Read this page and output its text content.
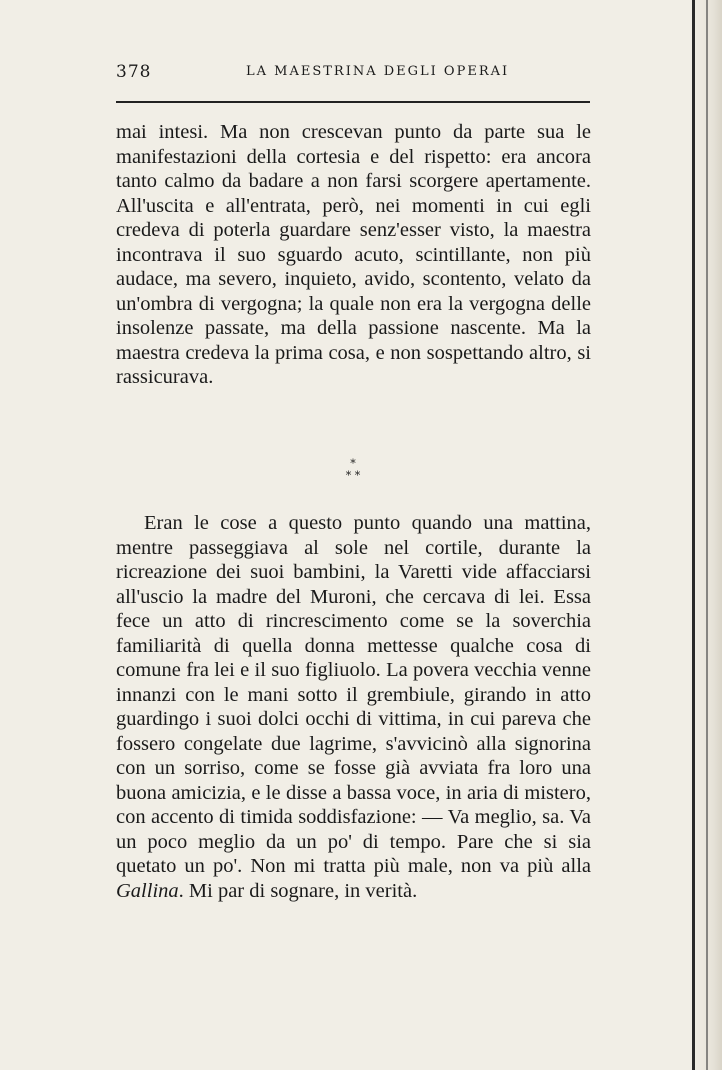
378	LA MAESTRINA DEGLI OPERAI

mai intesi. Ma non crescevan punto da parte sua le manifestazioni della cortesia e del rispetto: era ancora tanto calmo da badare a non farsi scorgere apertamente. All'uscita e all'entrata, però, nei momenti in cui egli credeva di poterla guardare senz'esser visto, la maestra incontrava il suo sguardo acuto, scintillante, non più audace, ma severo, inquieto, avido, scontento, velato da un'ombra di vergogna; la quale non era la vergogna delle insolenze passate, ma della passione nascente. Ma la maestra credeva la prima cosa, e non sospettando altro, si rassicurava.

*
* *

Eran le cose a questo punto quando una mattina, mentre passeggiava al sole nel cortile, durante la ricreazione dei suoi bambini, la Varetti vide affacciarsi all'uscio la madre del Muroni, che cercava di lei. Essa fece un atto di rincrescimento come se la soverchia familiarità di quella donna mettesse qualche cosa di comune fra lei e il suo figliuolo. La povera vecchia venne innanzi con le mani sotto il grembiule, girando in atto guardingo i suoi dolci occhi di vittima, in cui pareva che fossero congelate due lagrime, s'avvicinò alla signorina con un sorriso, come se fosse già avviata fra loro una buona amicizia, e le disse a bassa voce, in aria di mistero, con accento di timida soddisfazione: — Va meglio, sa. Va un poco meglio da un po' di tempo. Pare che si sia quetato un po'. Non mi tratta più male, non va più alla Gallina. Mi par di sognare, in verità.
